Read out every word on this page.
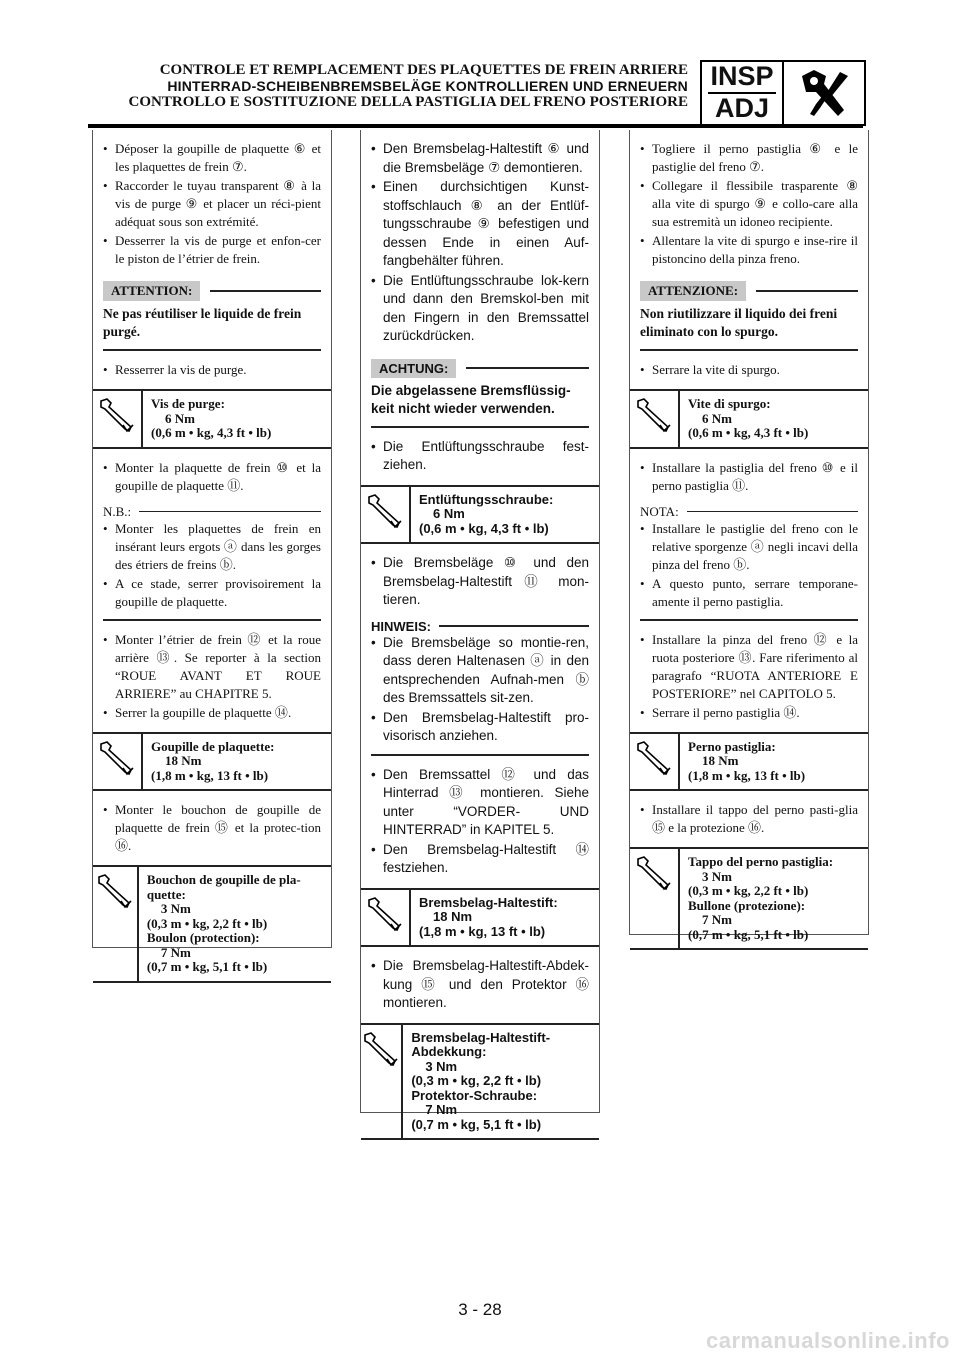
CONTROLE ET REMPLACEMENT DES PLAQUETTES DE FREIN ARRIERE
HINTERRAD-SCHEIBENBREMSBELÄGE KONTROLLIEREN UND ERNEUERN
CONTROLLO E SOSTITUZIONE DELLA PASTIGLIA DEL FRENO POSTERIORE
INSP
ADJ
• Déposer la goupille de plaquette ⑥ et les plaquettes de frein ⑦.
• Raccorder le tuyau transparent ⑧ à la vis de purge ⑨ et placer un réci-pient adéquat sous son extrémité.
• Desserrer la vis de purge et enfon-cer le piston de l’étrier de frein.
ATTENTION:
Ne pas réutiliser le liquide de frein purgé.
• Resserrer la vis de purge.
Vis de purge:
6 Nm
(0,6 m • kg, 4,3 ft • lb)
• Monter la plaquette de frein ⑩ et la goupille de plaquette ⑪.
N.B.:
• Monter les plaquettes de frein en insérant leurs ergots ⓐ dans les gorges des étriers de freins ⓑ.
• A ce stade, serrer provisoirement la goupille de plaquette.
• Monter l’étrier de frein ⑫ et la roue arrière ⑬. Se reporter à la section “ROUE AVANT ET ROUE ARRIERE” au CHAPITRE 5.
• Serrer la goupille de plaquette ⑭.
Goupille de plaquette:
18 Nm
(1,8 m • kg, 13 ft • lb)
• Monter le bouchon de goupille de plaquette de frein ⑮ et la protec-tion ⑯.
Bouchon de goupille de pla-quette:
3 Nm
(0,3 m • kg, 2,2 ft • lb)
Boulon (protection):
7 Nm
(0,7 m • kg, 5,1 ft • lb)
• Den Bremsbelag-Haltestift ⑥ und die Bremsbeläge ⑦ demontieren.
• Einen durchsichtigen Kunst-stoffschlauch ⑧ an der Entlüf-tungsschraube ⑨ befestigen und dessen Ende in einen Auf-fangbehälter führen.
• Die Entlüftungsschraube lok-kern und dann den Bremskol-ben mit den Fingern in den Bremssattel zurückdrücken.
ACHTUNG:
Die abgelassene Bremsflüssig-keit nicht wieder verwenden.
• Die Entlüftungsschraube fest-ziehen.
Entlüftungsschraube:
6 Nm
(0,6 m • kg, 4,3 ft • lb)
• Die Bremsbeläge ⑩ und den Bremsbelag-Haltestift ⑪ mon-tieren.
HINWEIS:
• Die Bremsbeläge so montie-ren, dass deren Haltenasen ⓐ in den entsprechenden Aufnah-men ⓑ des Bremssattels sit-zen.
• Den Bremsbelag-Haltestift pro-visorisch anziehen.
• Den Bremssattel ⑫ und das Hinterrad ⑬ montieren. Siehe unter “VORDER- UND HINTERRAD” in KAPITEL 5.
• Den Bremsbelag-Haltestift ⑭ festziehen.
Bremsbelag-Haltestift:
18 Nm
(1,8 m • kg, 13 ft • lb)
• Die Bremsbelag-Haltestift-Abdek-kung ⑮ und den Protektor ⑯ montieren.
Bremsbelag-Haltestift-Abdekkung:
3 Nm
(0,3 m • kg, 2,2 ft • lb)
Protektor-Schraube:
7 Nm
(0,7 m • kg, 5,1 ft • lb)
• Togliere il perno pastiglia ⑥ e le pastiglie del freno ⑦.
• Collegare il flessibile trasparente ⑧ alla vite di spurgo ⑨ e collo-care alla sua estremità un idoneo recipiente.
• Allentare la vite di spurgo e inse-rire il pistoncino della pinza freno.
ATTENZIONE:
Non riutilizzare il liquido dei freni eliminato con lo spurgo.
• Serrare la vite di spurgo.
Vite di spurgo:
6 Nm
(0,6 m • kg, 4,3 ft • lb)
• Installare la pastiglia del freno ⑩ e il perno pastiglia ⑪.
NOTA:
• Installare le pastiglie del freno con le relative sporgenze ⓐ negli incavi della pinza del freno ⓑ.
• A questo punto, serrare temporane-amente il perno pastiglia.
• Installare la pinza del freno ⑫ e la ruota posteriore ⑬. Fare riferimento al paragrafo “RUOTA ANTERIORE E POSTERIORE” nel CAPITOLO 5.
• Serrare il perno pastiglia ⑭.
Perno pastiglia:
18 Nm
(1,8 m • kg, 13 ft • lb)
• Installare il tappo del perno pasti-glia ⑮ e la protezione ⑯.
Tappo del perno pastiglia:
3 Nm
(0,3 m • kg, 2,2 ft • lb)
Bullone (protezione):
7 Nm
(0,7 m • kg, 5,1 ft • lb)
3 - 28
carmanualsonline.info
